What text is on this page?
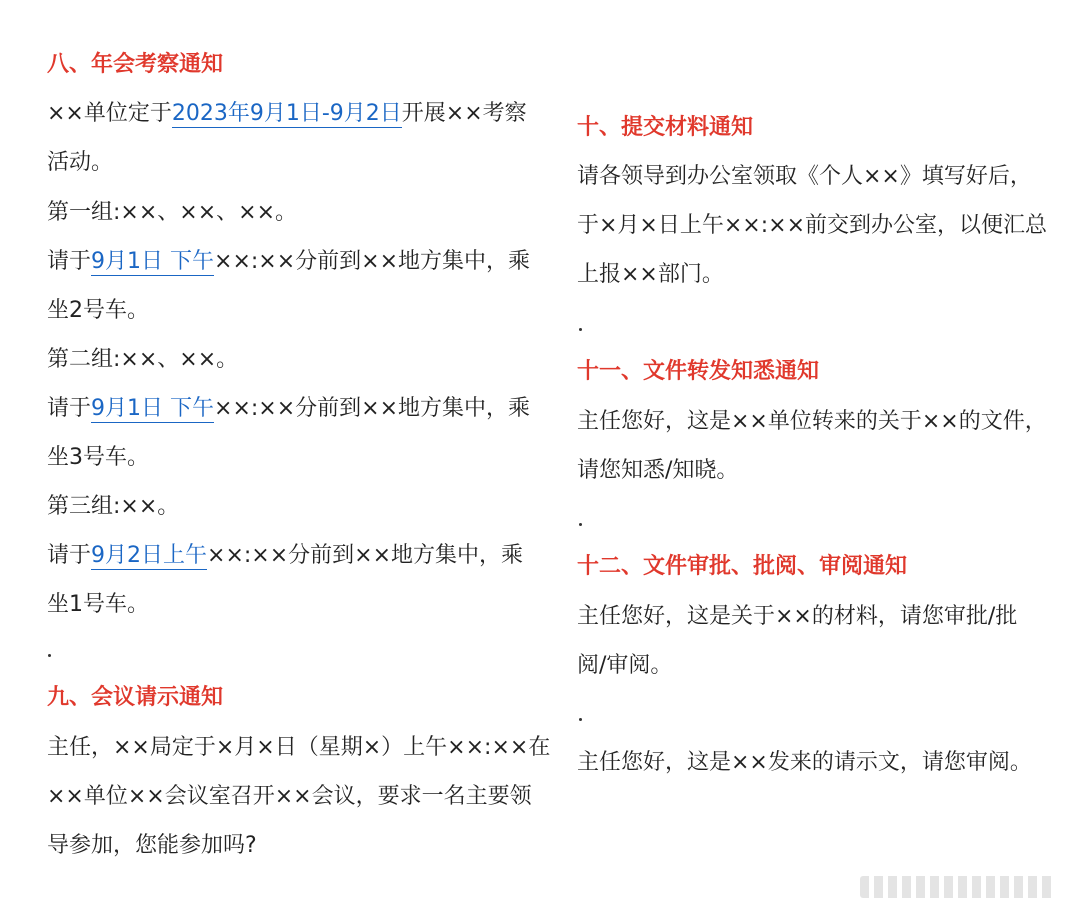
八、年会考察通知

××单位定于2023年9月1日-9月2日开展××考察

活动。

第一组:××、××、××。

请于9月1日 下午××:××分前到××地方集中，乘

坐2号车。

第二组:××、××。

请于9月1日 下午××:××分前到××地方集中，乘

坐3号车。

第三组:××。

请于9月2日上午××:××分前到××地方集中，乘

坐1号车。

九、会议请示通知

主任，××局定于×月×日（星期×）上午××:××在

××单位××会议室召开××会议，要求一名主要领

导参加，您能参加吗?

十、提交材料通知

请各领导到办公室领取《个人××》填写好后，

于×月×日上午××:××前交到办公室，以便汇总

上报××部门。

十一、文件转发知悉通知

主任您好，这是××单位转来的关于××的文件，

请您知悉/知晓。

十二、文件审批、批阅、审阅通知

主任您好，这是关于××的材料，请您审批/批

阅/审阅。

主任您好，这是××发来的请示文，请您审阅。
